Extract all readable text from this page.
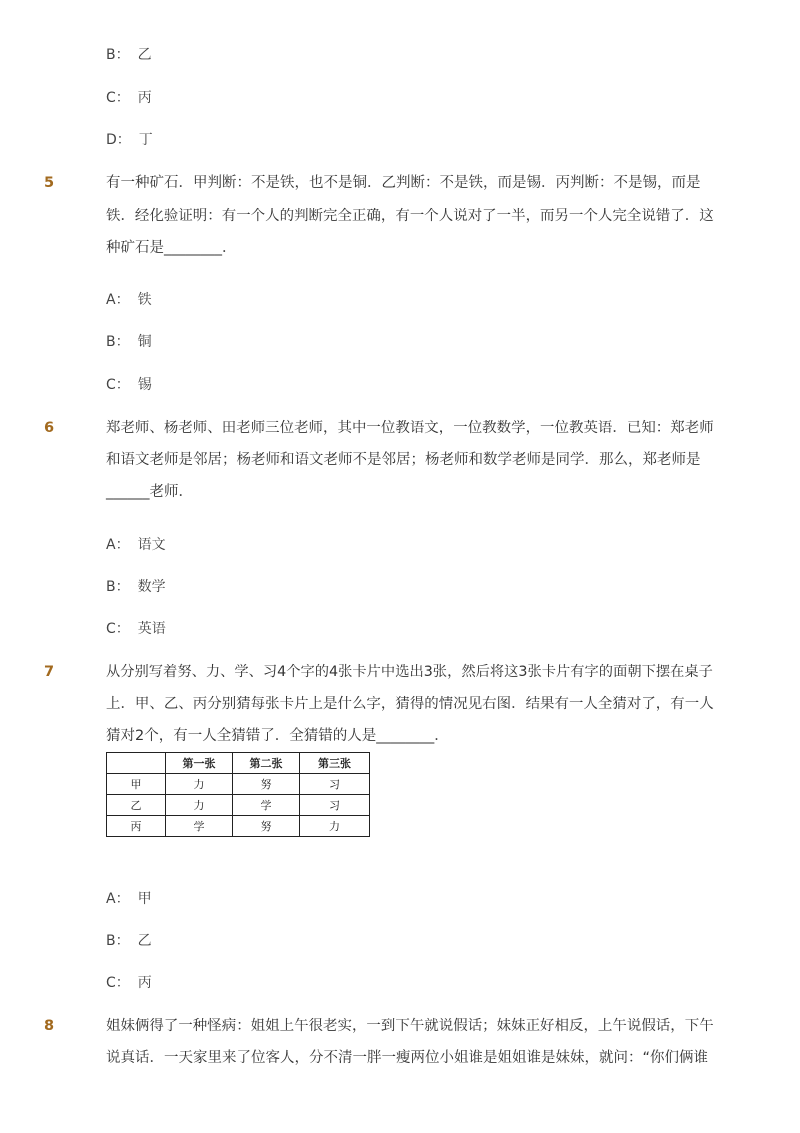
B： 乙
C： 丙
D： 丁
5	有一种矿石．甲判断：不是铁，也不是铜．乙判断：不是铁，而是锡．丙判断：不是锡，而是
铁．经化验证明：有一个人的判断完全正确，有一个人说对了一半，而另一个人完全说错了．这
种矿石是________．
A： 铁
B： 铜
C： 锡
6	郑老师、杨老师、田老师三位老师，其中一位教语文，一位教数学，一位教英语．已知：郑老师
和语文老师是邻居；杨老师和语文老师不是邻居；杨老师和数学老师是同学．那么，郑老师是
______老师．
A： 语文
B： 数学
C： 英语
7	从分别写着努、力、学、习4个字的4张卡片中选出3张，然后将这3张卡片有字的面朝下摆在桌子
上．甲、乙、丙分别猜每张卡片上是什么字，猜得的情况见右图．结果有一人全猜对了，有一人
猜对2个，有一人全猜错了．全猜错的人是________．
	第一张	第二张	第三张
甲	力	努	习
乙	力	学	习
丙	学	努	力
A： 甲
B： 乙
C： 丙
8	姐妹俩得了一种怪病：姐姐上午很老实，一到下午就说假话；妹妹正好相反，上午说假话，下午
说真话．一天家里来了位客人，分不清一胖一瘦两位小姐谁是姐姐谁是妹妹，就问：“你们俩谁
